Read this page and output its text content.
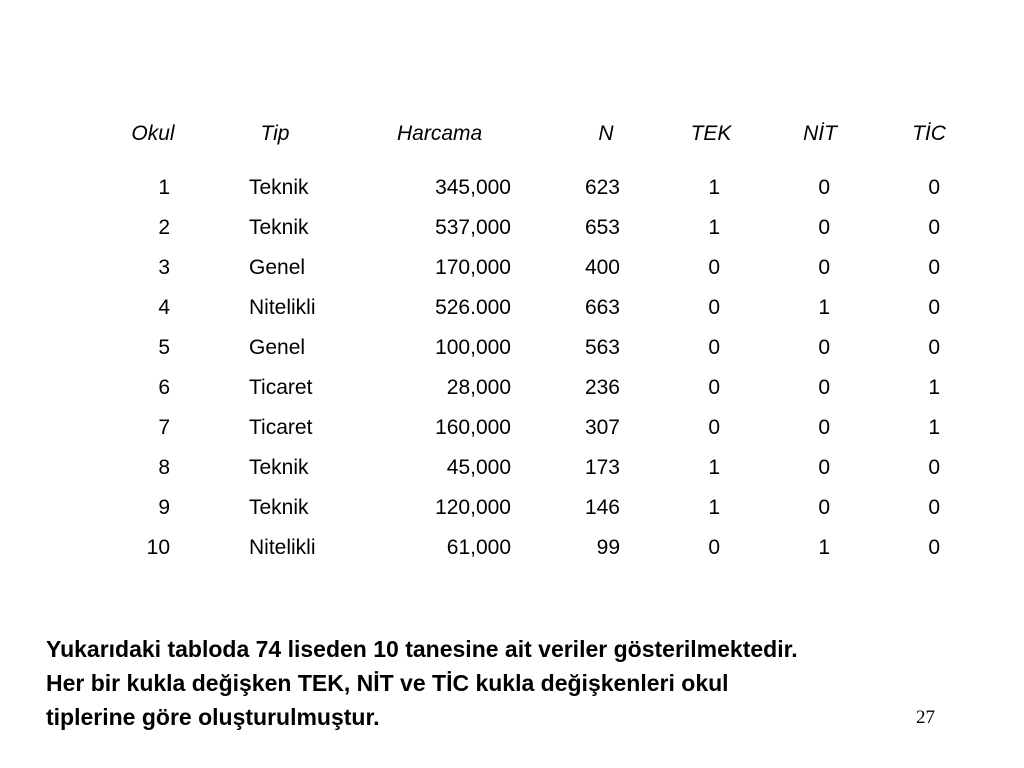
Okul	Tip	Harcama	N	TEK	NİT	TİC
1	Teknik	345,000	623	1	0	0
2	Teknik	537,000	653	1	0	0
3	Genel	170,000	400	0	0	0
4	Nitelikli	526.000	663	0	1	0
5	Genel	100,000	563	0	0	0
6	Ticaret	28,000	236	0	0	1
7	Ticaret	160,000	307	0	0	1
8	Teknik	45,000	173	1	0	0
9	Teknik	120,000	146	1	0	0
10	Nitelikli	61,000	99	0	1	0
Yukarıdaki tabloda 74 liseden 10 tanesine ait veriler gösterilmektedir.
Her bir kukla değişken TEK, NİT ve TİC kukla değişkenleri okul
tiplerine göre oluşturulmuştur.	27
